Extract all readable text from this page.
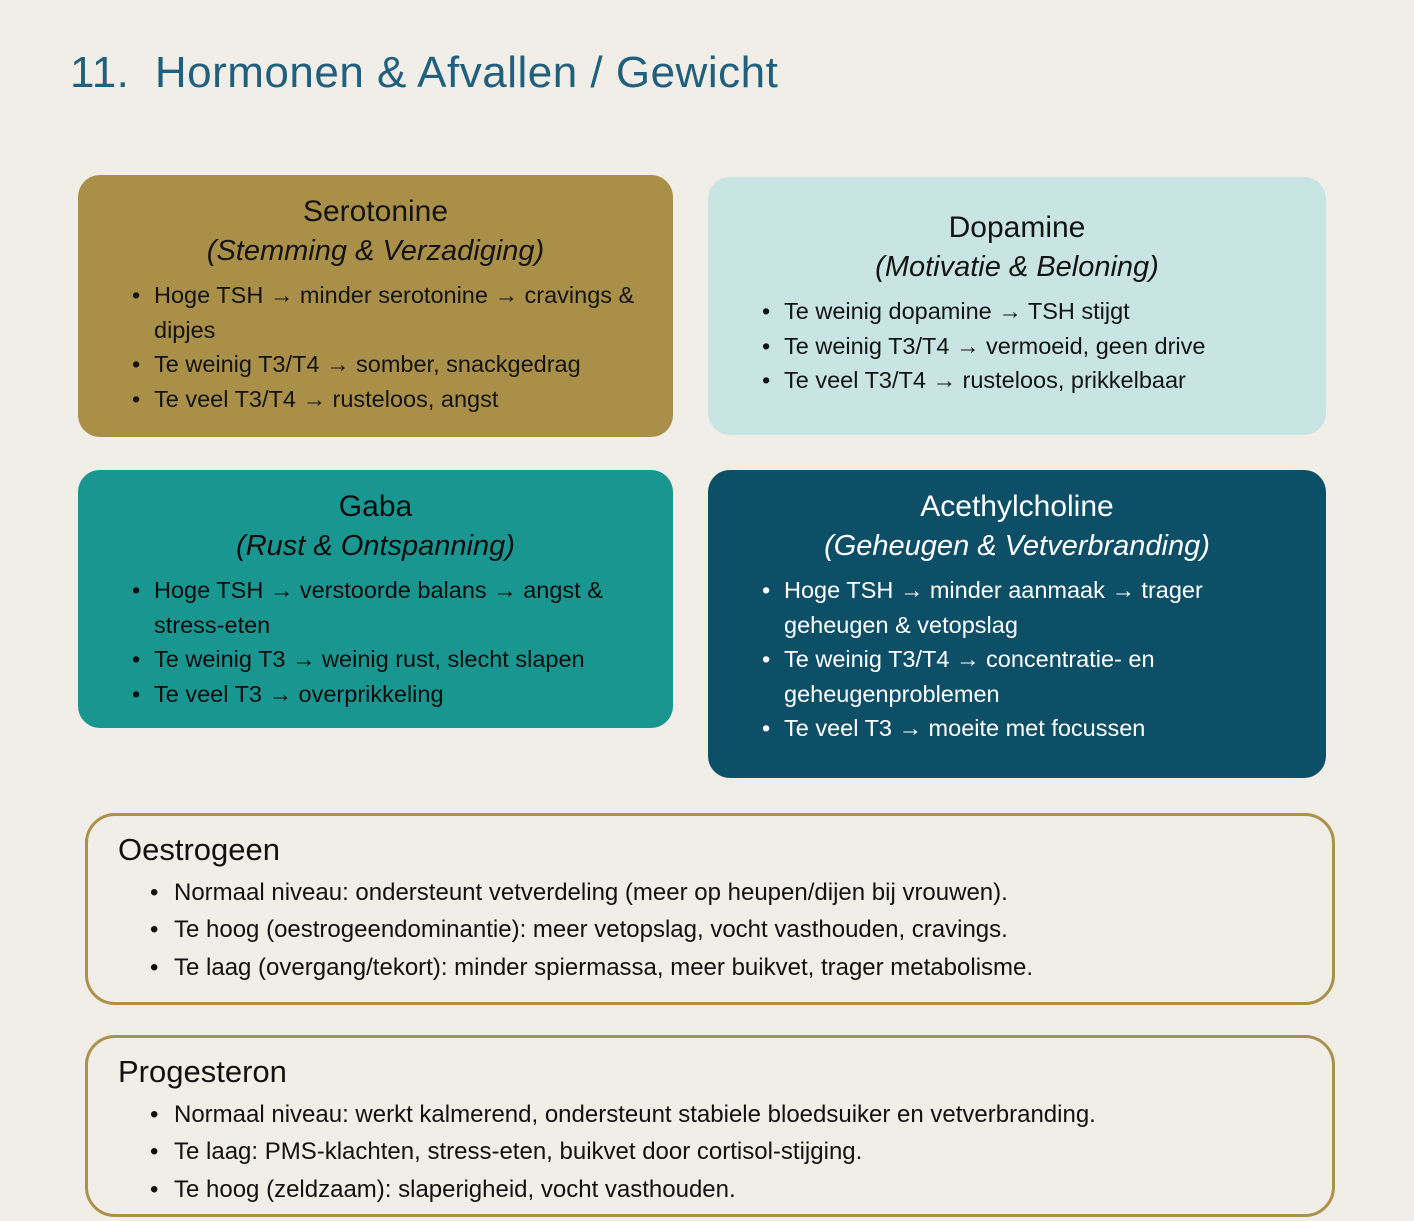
11.  Hormonen & Afvallen / Gewicht
Serotonine
(Stemming & Verzadiging)
• Hoge TSH → minder serotonine → cravings & dipjes
• Te weinig T3/T4 → somber, snackgedrag
• Te veel T3/T4 → rusteloos, angst
Dopamine
(Motivatie & Beloning)
• Te weinig dopamine → TSH stijgt
• Te weinig T3/T4 → vermoeid, geen drive
• Te veel T3/T4 → rusteloos, prikkelbaar
Gaba
(Rust & Ontspanning)
• Hoge TSH → verstoorde balans → angst & stress-eten
• Te weinig T3 → weinig rust, slecht slapen
• Te veel T3 → overprikkeling
Acethylcholine
(Geheugen & Vetverbranding)
• Hoge TSH → minder aanmaak → trager geheugen & vetopslag
• Te weinig T3/T4 → concentratie- en geheugenproblemen
• Te veel T3 → moeite met focussen
Oestrogeen
• Normaal niveau: ondersteunt vetverdeling (meer op heupen/dijen bij vrouwen).
• Te hoog (oestrogeendominantie): meer vetopslag, vocht vasthouden, cravings.
• Te laag (overgang/tekort): minder spiermassa, meer buikvet, trager metabolisme.
Progesteron
• Normaal niveau: werkt kalmerend, ondersteunt stabiele bloedsuiker en vetverbranding.
• Te laag: PMS-klachten, stress-eten, buikvet door cortisol-stijging.
• Te hoog (zeldzaam): slaperigheid, vocht vasthouden.
